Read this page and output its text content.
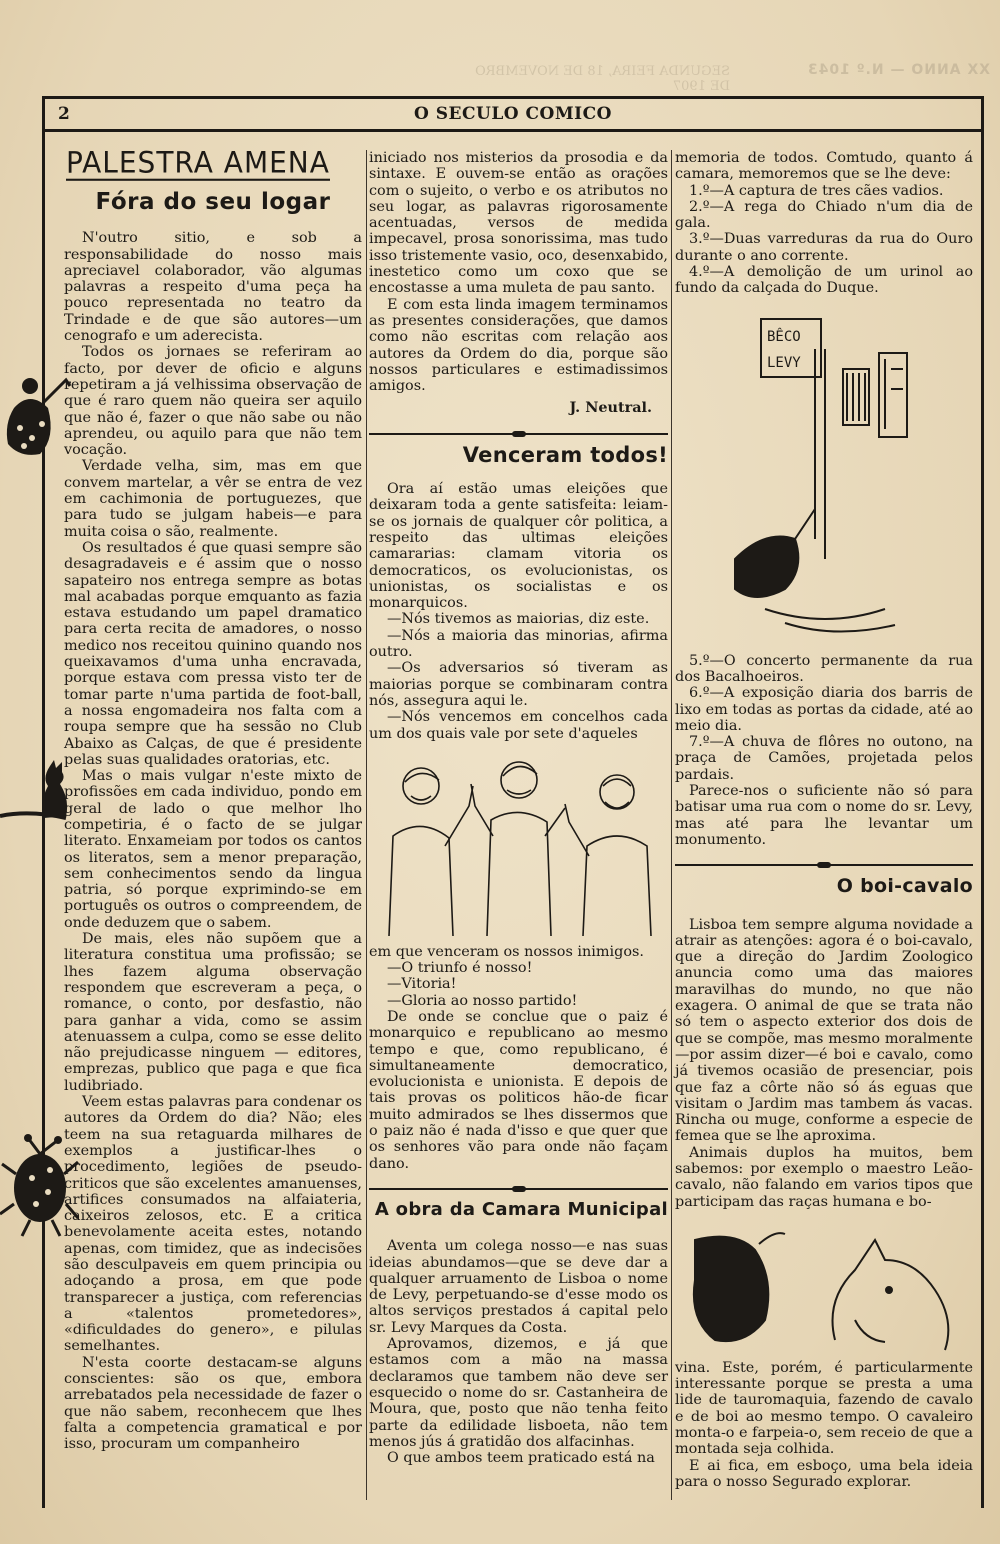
XX ANNO — N.º 1043
SEGUNDA FEIRA, 18 DE NOVEMBRO DE 1907
2	O SECULO COMICO
PALESTRA AMENA
Fóra do seu logar

N'outro sitio, e sob a responsabilidade do nosso mais apreciavel colaborador, vão algumas palavras a respeito d'uma peça ha pouco representada no teatro da Trindade e de que são autores—um cenografo e um aderecista.

Todos os jornaes se referiram ao facto, por dever de oficio e alguns repetiram a já velhissima observação de que é raro quem não queira ser aquilo que não é, fazer o que não sabe ou não aprendeu, ou aquilo para que não tem vocação.

Verdade velha, sim, mas em que convem martelar, a vêr se entra de vez em cachimonia de portuguezes, que para tudo se julgam habeis—e para muita coisa o são, realmente.

Os resultados é que quasi sempre são desagradaveis e é assim que o nosso sapateiro nos entrega sempre as botas mal acabadas porque emquanto as fazia estava estudando um papel dramatico para certa recita de amadores, o nosso medico nos receitou quinino quando nos queixavamos d'uma unha encravada, porque estava com pressa visto ter de tomar parte n'uma partida de foot-ball, a nossa engomadeira nos falta com a roupa sempre que ha sessão no Club Abaixo as Calças, de que é presidente pelas suas qualidades oratorias, etc.

Mas o mais vulgar n'este mixto de profissões em cada individuo, pondo em geral de lado o que melhor lho competiria, é o facto de se julgar literato. Enxameiam por todos os cantos os literatos, sem a menor preparação, sem conhecimentos sendo da lingua patria, só porque exprimindo-se em português os outros o compreendem, de onde deduzem que o sabem.

De mais, eles não supõem que a literatura constitua uma profissão; se lhes fazem alguma observação respondem que escreveram a peça, o romance, o conto, por desfastio, não para ganhar a vida, como se assim atenuassem a culpa, como se esse delito não prejudicasse ninguem — editores, emprezas, publico que paga e que fica ludibriado.

Veem estas palavras para condenar os autores da Ordem do dia? Não; eles teem na sua retaguarda milhares de exemplos a justificar-lhes o procedimento, legiões de pseudo-criticos que são excelentes amanuenses, artifices consumados na alfaiateria, caixeiros zelosos, etc. E a critica benevolamente aceita estes, notando apenas, com timidez, que as indecisões são desculpaveis em quem principia ou adoçando a prosa, em que pode transparecer a justiça, com referencias a «talentos prometedores», «dificuldades do genero», e pilulas semelhantes.

N'esta coorte destacam-se alguns conscientes: são os que, embora arrebatados pela necessidade de fazer o que não sabem, reconhecem que lhes falta a competencia gramatical e por isso, procuram um companheiro

iniciado nos misterios da prosodia e da sintaxe. E ouvem-se então as orações com o sujeito, o verbo e os atributos no seu logar, as palavras rigorosamente acentuadas, versos de medida impecavel, prosa sonorissima, mas tudo isso tristemente vasio, oco, desenxabido, inestetico como um coxo que se encostasse a uma muleta de pau santo.

E com esta linda imagem terminamos as presentes considerações, que damos como não escritas com relação aos autores da Ordem do dia, porque são nossos particulares e estimadissimos amigos.

J. Neutral.
Venceram todos!

Ora aí estão umas eleições que deixaram toda a gente satisfeita: leiam-se os jornais de qualquer côr politica, a respeito das ultimas eleições camararias: clamam vitoria os democraticos, os evolucionistas, os unionistas, os socialistas e os monarquicos.

—Nós tivemos as maiorias, diz este.

—Nós a maioria das minorias, afirma outro.

—Os adversarios só tiveram as maiorias porque se combinaram contra nós, assegura aqui le.

—Nós vencemos em concelhos cada um dos quais vale por sete d'aqueles

em que venceram os nossos inimigos.

—O triunfo é nosso!

—Vitoria!

—Gloria ao nosso partido!

De onde se conclue que o paiz é monarquico e republicano ao mesmo tempo e que, como republicano, é simultaneamente democratico, evolucionista e unionista. E depois de tais provas os politicos hão-de ficar muito admirados se lhes dissermos que o paiz não é nada d'isso e que quer que os senhores vão para onde não façam dano.

A obra da Camara Municipal

Aventa um colega nosso—e nas suas ideias abundamos—que se deve dar a qualquer arruamento de Lisboa o nome de Levy, perpetuando-se d'esse modo os altos serviços prestados á capital pelo sr. Levy Marques da Costa.

Aprovamos, dizemos, e já que estamos com a mão na massa declaramos que tambem não deve ser esquecido o nome do sr. Castanheira de Moura, que, posto que não tenha feito parte da edilidade lisboeta, não tem menos jús á gratidão dos alfacinhas.

O que ambos teem praticado está na

memoria de todos. Comtudo, quanto á camara, memoremos que se lhe deve:

1.º—A captura de tres cães vadios.

2.º—A rega do Chiado n'um dia de gala.

3.º—Duas varreduras da rua do Ouro durante o ano corrente.

4.º—A demolição de um urinol ao fundo da calçada do Duque.

BÊCO
LEVY

5.º—O concerto permanente da rua dos Bacalhoeiros.

6.º—A exposição diaria dos barris de lixo em todas as portas da cidade, até ao meio dia.

7.º—A chuva de flôres no outono, na praça de Camões, projetada pelos pardais.

Parece-nos o suficiente não só para batisar uma rua com o nome do sr. Levy, mas até para lhe levantar um monumento.

O boi-cavalo

Lisboa tem sempre alguma novidade a atrair as atenções: agora é o boi-cavalo, que a direção do Jardim Zoologico anuncia como uma das maiores maravilhas do mundo, no que não exagera. O animal de que se trata não só tem o aspecto exterior dos dois de que se compõe, mas mesmo moralmente—por assim dizer—é boi e cavalo, como já tivemos ocasião de presenciar, pois que faz a côrte não só ás eguas que visitam o Jardim mas tambem ás vacas. Rincha ou muge, conforme a especie de femea que se lhe aproxima.

Animais duplos ha muitos, bem sabemos: por exemplo o maestro Leão-cavalo, não falando em varios tipos que participam das raças humana e bo-

vina. Este, porém, é particularmente interessante porque se presta a uma lide de tauromaquia, fazendo de cavalo e de boi ao mesmo tempo. O cavaleiro monta-o e farpeia-o, sem receio de que a montada seja colhida.

E ai fica, em esboço, uma bela ideia para o nosso Segurado explorar.
